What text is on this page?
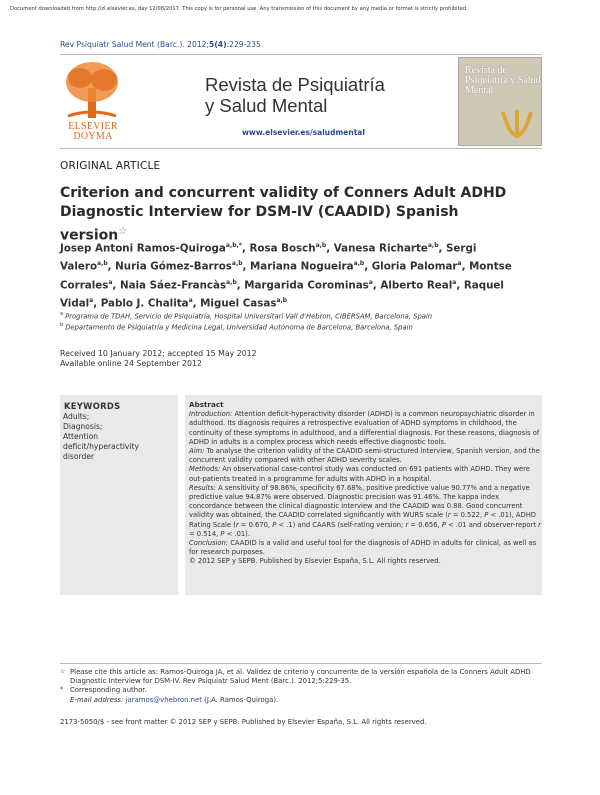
Document downloaded from http://zl.elsevier.es, day 12/08/2017. This copy is for personal use. Any transmission of this document by any media or format is strictly prohibited.
Rev Psiquiatr Salud Ment (Barc.). 2012;5(4):229-235
ELSEVIER DOYMA
Revista de Psiquiatría
y Salud Mental
www.elsevier.es/saludmental
Revista de Psiquiatría y Salud Mental
ORIGINAL ARTICLE
Criterion and concurrent validity of Conners Adult ADHD Diagnostic Interview for DSM-IV (CAADID) Spanish version☆
Josep Antoni Ramos-Quiroga$^{a,b,*}$, Rosa Bosch$^{a,b}$, Vanesa Richarte$^{a,b}$, Sergi Valero$^{a,b}$, Nuria Gómez-Barros$^{a,b}$, Mariana Nogueira$^{a,b}$, Gloria Palomar$^a$, Montse Corrales$^a$, Naia Sáez-Francàs$^{a,b}$, Margarida Corominas$^a$, Alberto Real$^a$, Raquel Vidal$^a$, Pablo J. Chalita$^a$, Miguel Casas$^{a,b}$
$^a$ Programa de TDAH, Servicio de Psiquiatría, Hospital Universitari Vall d'Hebron, CIBERSAM, Barcelona, Spain
$^b$ Departamento de Psiquiatría y Medicina Legal, Universidad Autónoma de Barcelona, Barcelona, Spain
Received 10 January 2012; accepted 15 May 2012
Available online 24 September 2012
KEYWORDS
Adults;
Diagnosis;
Attention
deficit/hyperactivity
disorder
Abstract

Introduction: Attention deficit-hyperactivity disorder (ADHD) is a common neuropsychiatric disorder in adulthood. Its diagnosis requires a retrospective evaluation of ADHD symptoms in childhood, the continuity of these symptoms in adulthood, and a differential diagnosis. For these reasons, diagnosis of ADHD in adults is a complex process which needs effective diagnostic tools.

Aim: To analyse the criterion validity of the CAADID semi-structured interview, Spanish version, and the concurrent validity compared with other ADHD severity scales.

Methods: An observational case-control study was conducted on 691 patients with ADHD. They were out-patients treated in a programme for adults with ADHD in a hospital.

Results: A sensitivity of 98.86%, specificity 67.68%, positive predictive value 90.77% and a negative predictive value 94.87% were observed. Diagnostic precision was 91.46%. The kappa index concordance between the clinical diagnostic interview and the CAADID was 0.88. Good concurrent validity was obtained, the CAADID correlated significantly with WURS scale (r = 0.522, P < .01), ADHD Rating Scale (r = 0.670, P < .1) and CAARS (self-rating version; r = 0.656, P < .01 and observer-report r = 0.514, P < .01).

Conclusion: CAADID is a valid and useful tool for the diagnosis of ADHD in adults for clinical, as well as for research purposes.

© 2012 SEP y SEPB. Published by Elsevier España, S.L. All rights reserved.

☆ Please cite this article as: Ramos-Quiroga JA, et al. Validez de criterio y concurrente de la versión española de la Conners Adult ADHD Diagnostic Interview for DSM-IV. Rev Psiquiatr Salud Ment (Barc.). 2012;5:229-35.
* Corresponding author.
E-mail address: jaramos@vhebron.net (J.A. Ramos-Quiroga).
2173-5050/$ - see front matter © 2012 SEP y SEPB. Published by Elsevier España, S.L. All rights reserved.
